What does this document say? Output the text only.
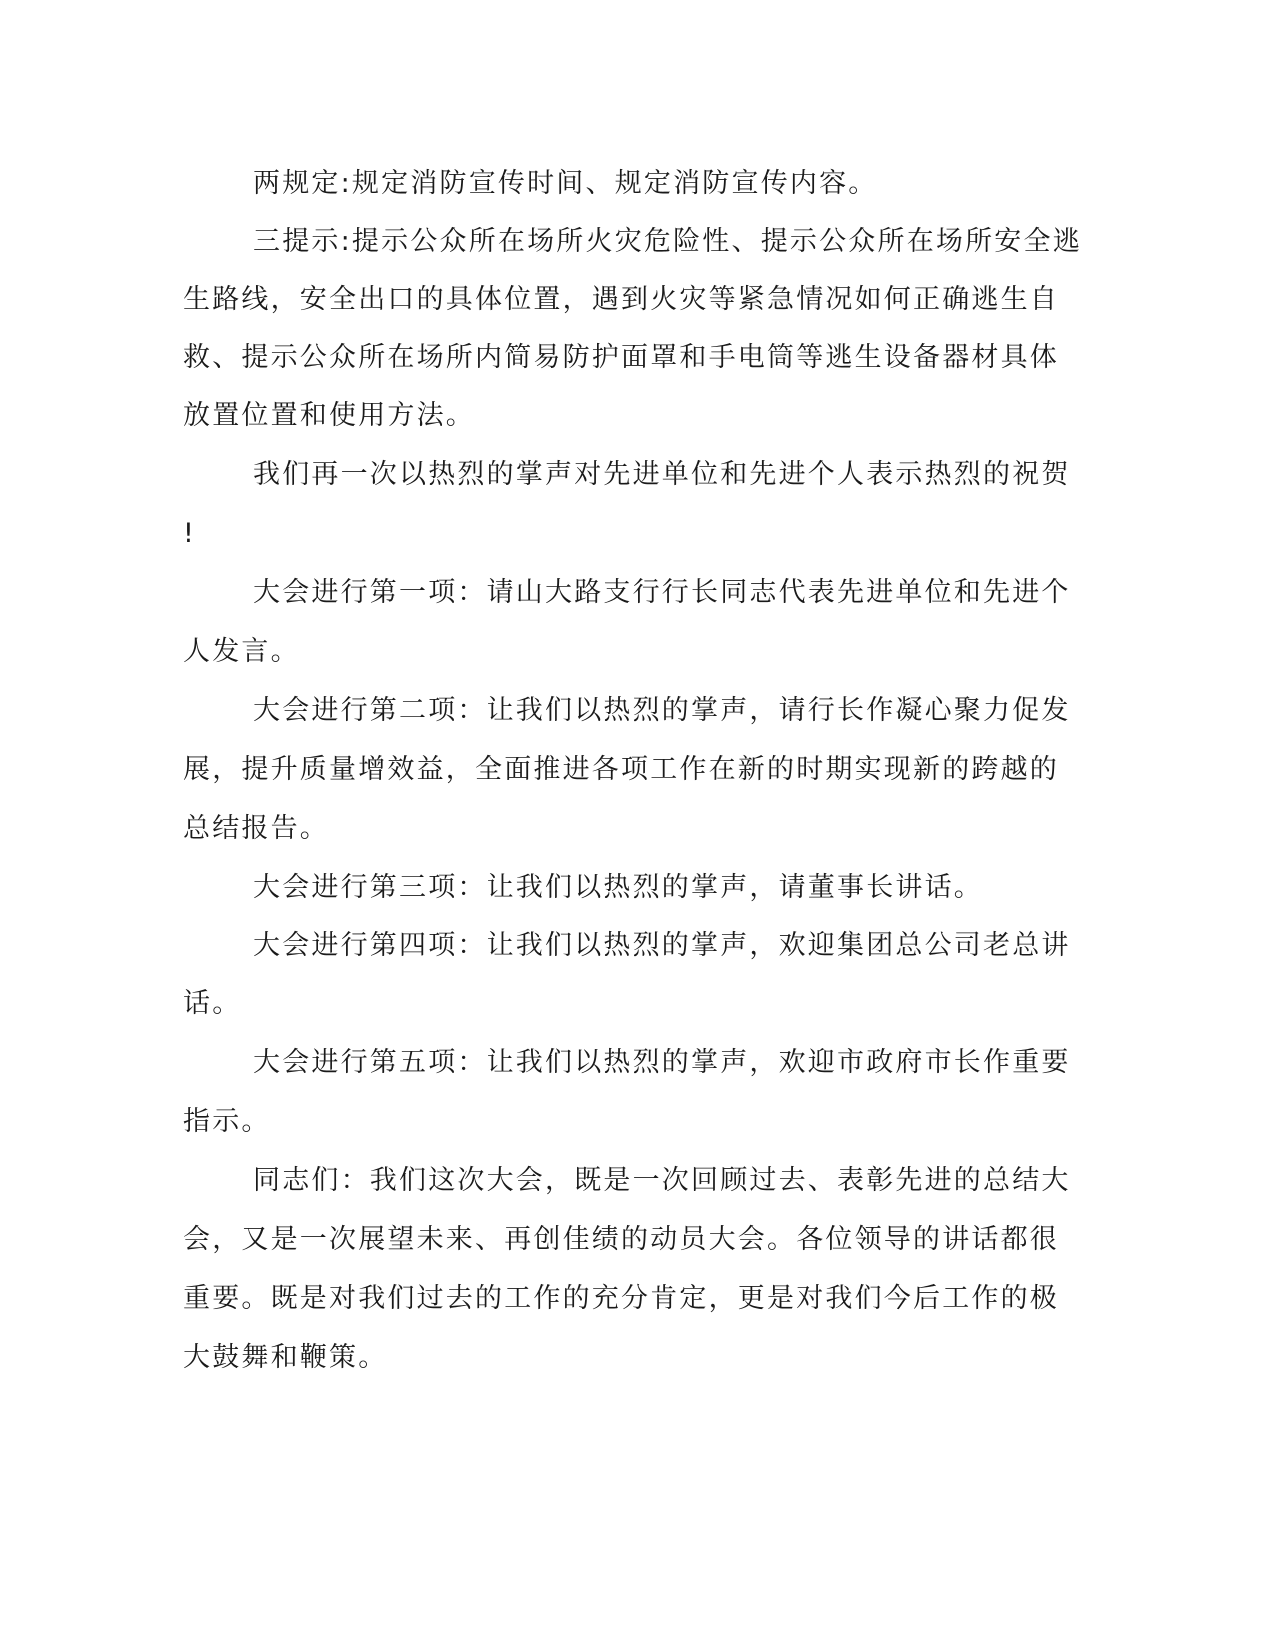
两规定:规定消防宣传时间、规定消防宣传内容。
三提示:提示公众所在场所火灾危险性、提示公众所在场所安全逃
生路线，安全出口的具体位置，遇到火灾等紧急情况如何正确逃生自
救、提示公众所在场所内简易防护面罩和手电筒等逃生设备器材具体
放置位置和使用方法。
我们再一次以热烈的掌声对先进单位和先进个人表示热烈的祝贺
!
大会进行第一项：请山大路支行行长同志代表先进单位和先进个
人发言。
大会进行第二项：让我们以热烈的掌声，请行长作凝心聚力促发
展，提升质量增效益，全面推进各项工作在新的时期实现新的跨越的
总结报告。
大会进行第三项：让我们以热烈的掌声，请董事长讲话。
大会进行第四项：让我们以热烈的掌声，欢迎集团总公司老总讲
话。
大会进行第五项：让我们以热烈的掌声，欢迎市政府市长作重要
指示。
同志们：我们这次大会，既是一次回顾过去、表彰先进的总结大
会，又是一次展望未来、再创佳绩的动员大会。各位领导的讲话都很
重要。既是对我们过去的工作的充分肯定，更是对我们今后工作的极
大鼓舞和鞭策。
